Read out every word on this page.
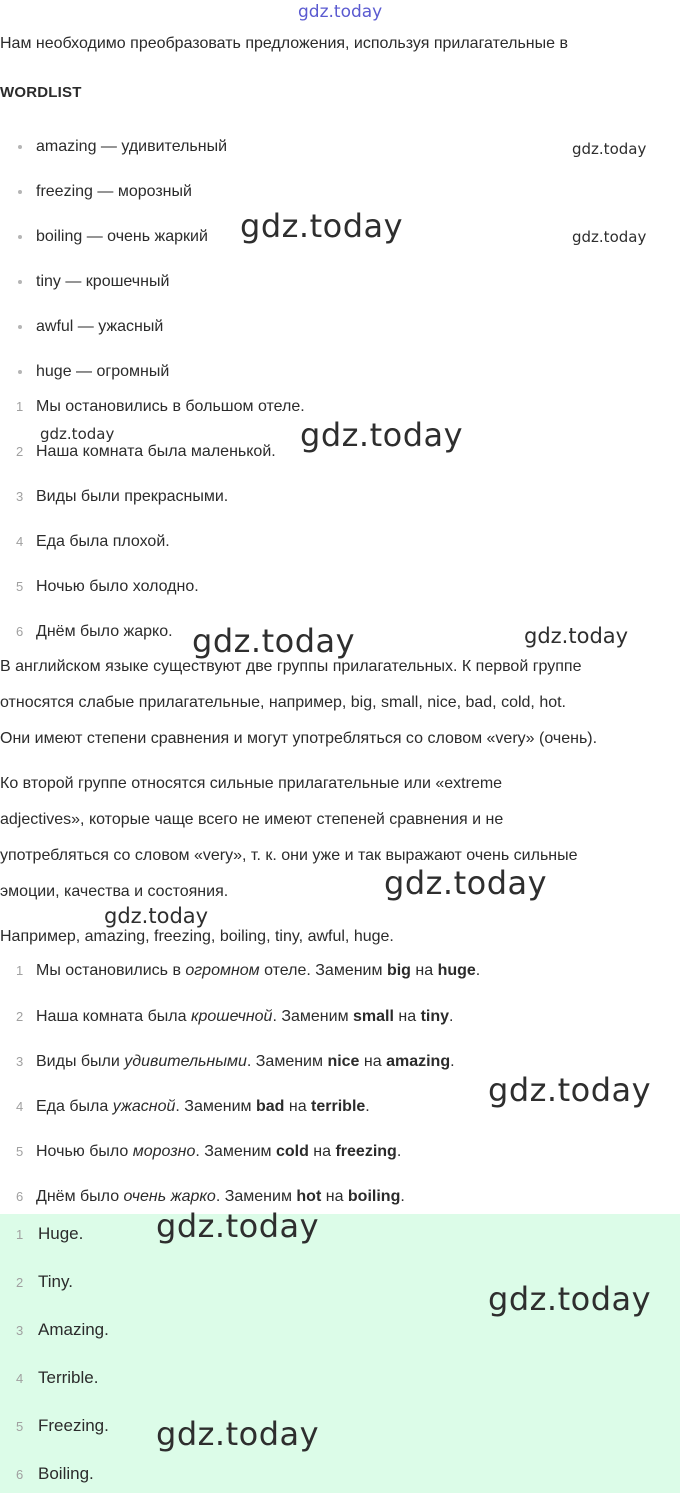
gdz.today
Нам необходимо преобразовать предложения, используя прилагательные в
WORDLIST
amazing — удивительный
freezing — морозный
boiling — очень жаркий
tiny — крошечный
awful — ужасный
huge — огромный
1 Мы остановились в большом отеле.
2 Наша комната была маленькой.
3 Виды были прекрасными.
4 Еда была плохой.
5 Ночью было холодно.
6 Днём было жарко.
В английском языке существуют две группы прилагательных. К первой группе
относятся слабые прилагательные, например, big, small, nice, bad, cold, hot.
Они имеют степени сравнения и могут употребляться со словом «very» (очень).
Ко второй группе относятся сильные прилагательные или «extreme
adjectives», которые чаще всего не имеют степеней сравнения и не
употребляться со словом «very», т. к. они уже и так выражают очень сильные
эмоции, качества и состояния.
Например, amazing, freezing, boiling, tiny, awful, huge.
1 Мы остановились в огромном отеле. Заменим big на huge.
2 Наша комната была крошечной. Заменим small на tiny.
3 Виды были удивительными. Заменим nice на amazing.
4 Еда была ужасной. Заменим bad на terrible.
5 Ночью было морозно. Заменим cold на freezing.
6 Днём было очень жарко. Заменим hot на boiling.
1 Huge.
2 Tiny.
3 Amazing.
4 Terrible.
5 Freezing.
6 Boiling.
gdz.today
gdz.today	gdz.today
gdz.today	gdz.today
gdz.today	gdz.today
gdz.today
gdz.today
gdz.today
gdz.today
gdz.today
gdz.today
